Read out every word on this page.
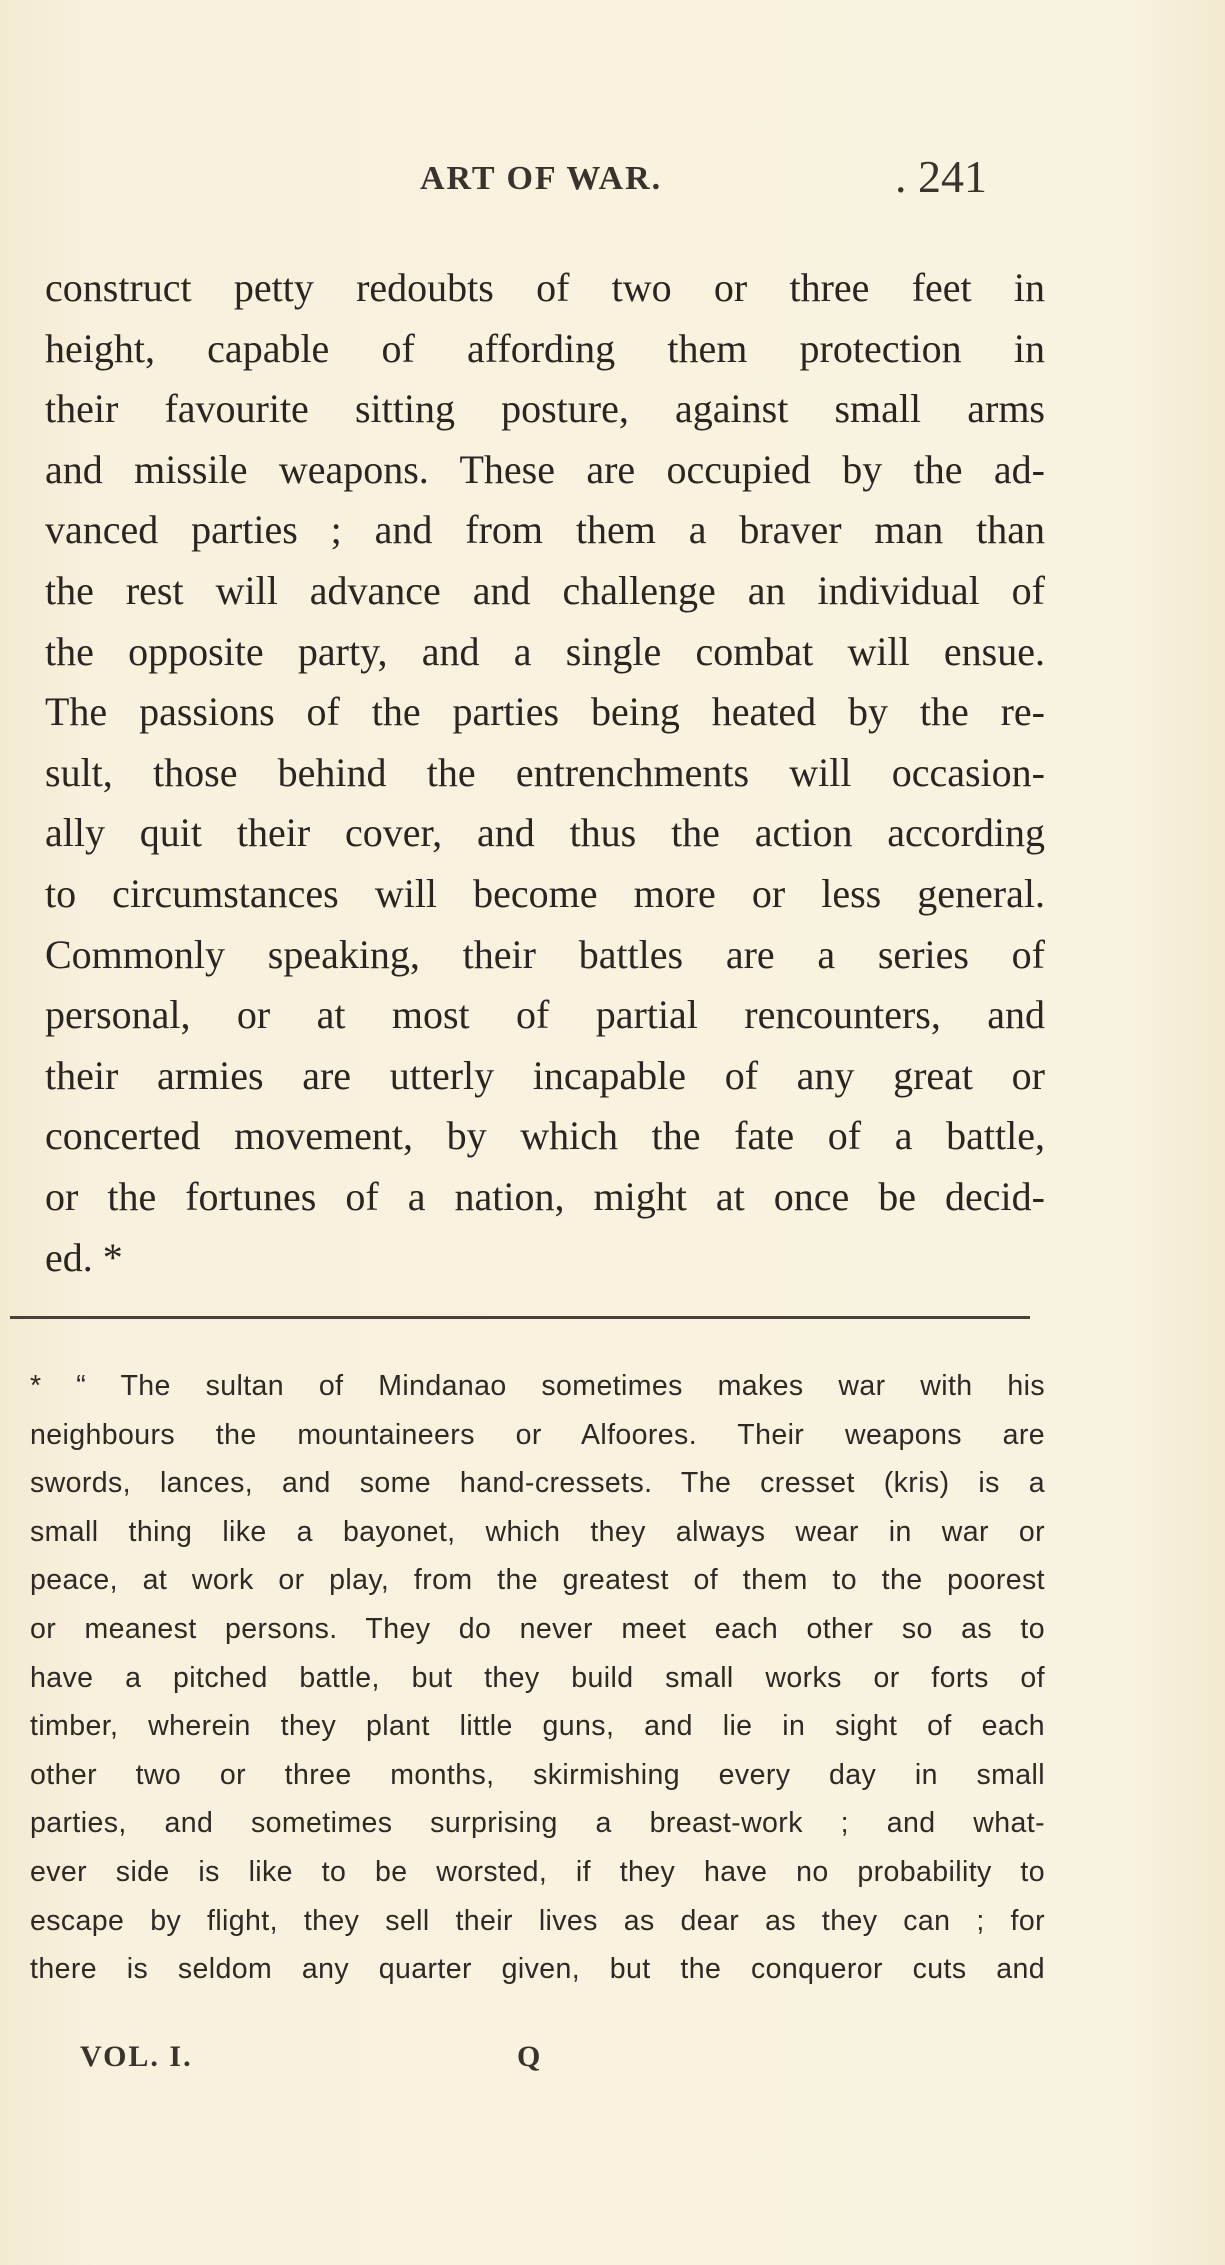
ART OF WAR.	. 241
construct petty redoubts of two or three feet in
height, capable of affording them protection in
their favourite sitting posture, against small arms
and missile weapons. These are occupied by the ad-
vanced parties ; and from them a braver man than
the rest will advance and challenge an individual of
the opposite party, and a single combat will ensue.
The passions of the parties being heated by the re-
sult, those behind the entrenchments will occasion-
ally quit their cover, and thus the action according
to circumstances will become more or less general.
Commonly speaking, their battles are a series of
personal, or at most of partial rencounters, and
their armies are utterly incapable of any great or
concerted movement, by which the fate of a battle,
or the fortunes of a nation, might at once be decid-
ed. *
* “ The sultan of Mindanao sometimes makes war with his
neighbours the mountaineers or Alfoores. Their weapons are
swords, lances, and some hand-cressets. The cresset (kris) is a
small thing like a bayonet, which they always wear in war or
peace, at work or play, from the greatest of them to the poorest
or meanest persons. They do never meet each other so as to
have a pitched battle, but they build small works or forts of
timber, wherein they plant little guns, and lie in sight of each
other two or three months, skirmishing every day in small
parties, and sometimes surprising a breast-work ; and what-
ever side is like to be worsted, if they have no probability to
escape by flight, they sell their lives as dear as they can ; for
there is seldom any quarter given, but the conqueror cuts and
VOL. I.	Q
